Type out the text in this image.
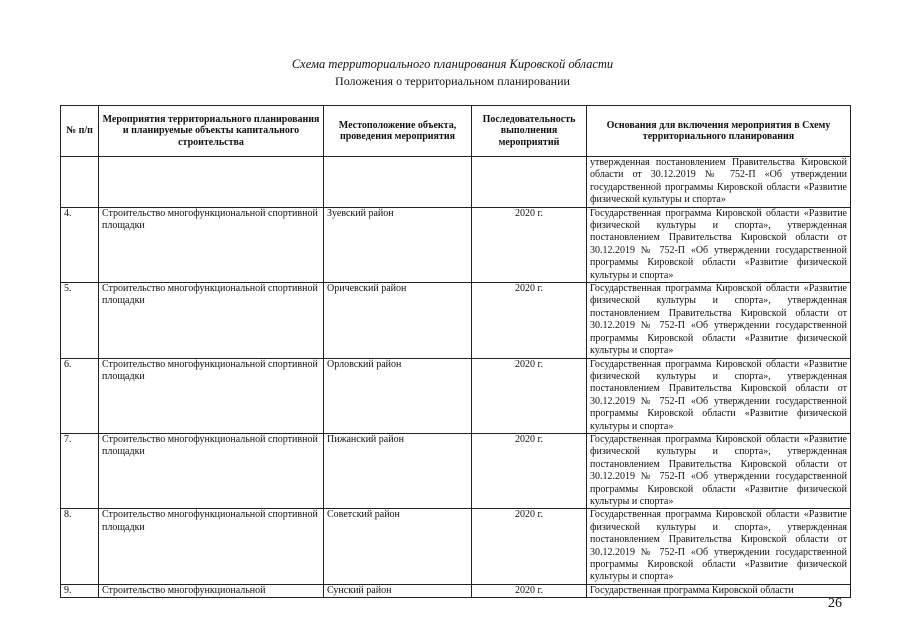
Схема территориального планирования Кировской области
Положения о территориальном планировании
№ п/п	Мероприятия территориального планирования и планируемые объекты капитального строительства	Местоположение объекта, проведения мероприятия	Последовательность выполнения мероприятий	Основания для включения мероприятия в Схему территориального планирования
				утвержденная постановлением Правительства Кировской области от 30.12.2019 № 752-П «Об утверждении государственной программы Кировской области «Развитие физической культуры и спорта»
4.	Строительство многофункциональной спортивной площадки	Зуевский район	2020 г.	Государственная программа Кировской области «Развитие физической культуры и спорта», утвержденная постановлением Правительства Кировской области от 30.12.2019 № 752-П «Об утверждении государственной программы Кировской области «Развитие физической культуры и спорта»
5.	Строительство многофункциональной спортивной площадки	Оричевский район	2020 г.	Государственная программа Кировской области «Развитие физической культуры и спорта», утвержденная постановлением Правительства Кировской области от 30.12.2019 № 752-П «Об утверждении государственной программы Кировской области «Развитие физической культуры и спорта»
6.	Строительство многофункциональной спортивной площадки	Орловский район	2020 г.	Государственная программа Кировской области «Развитие физической культуры и спорта», утвержденная постановлением Правительства Кировской области от 30.12.2019 № 752-П «Об утверждении государственной программы Кировской области «Развитие физической культуры и спорта»
7.	Строительство многофункциональной спортивной площадки	Пижанский район	2020 г.	Государственная программа Кировской области «Развитие физической культуры и спорта», утвержденная постановлением Правительства Кировской области от 30.12.2019 № 752-П «Об утверждении государственной программы Кировской области «Развитие физической культуры и спорта»
8.	Строительство многофункциональной спортивной площадки	Советский район	2020 г.	Государственная программа Кировской области «Развитие физической культуры и спорта», утвержденная постановлением Правительства Кировской области от 30.12.2019 № 752-П «Об утверждении государственной программы Кировской области «Развитие физической культуры и спорта»
9.	Строительство многофункциональной	Сунский район	2020 г.	Государственная программа Кировской области
26
